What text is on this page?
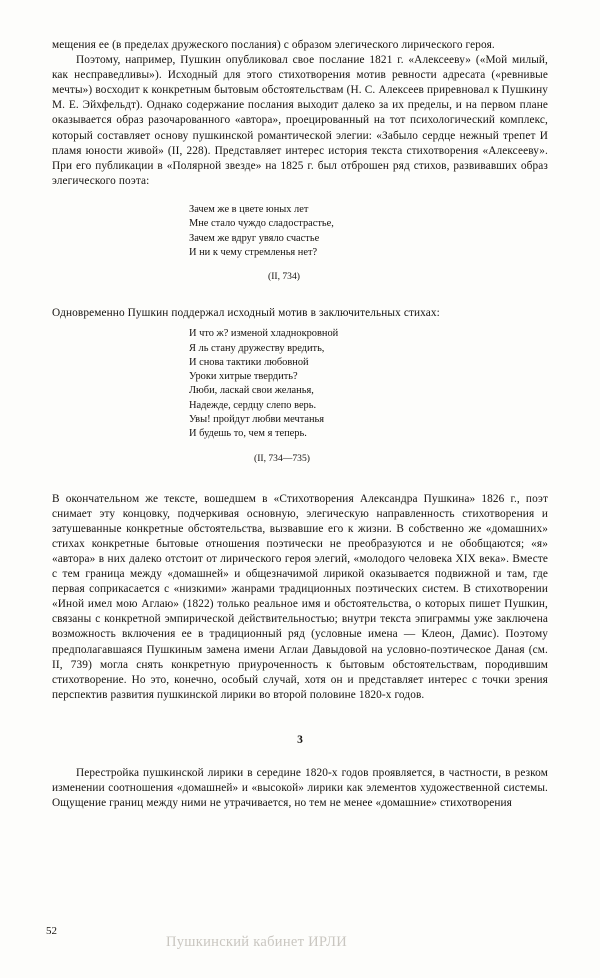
мещения ее (в пределах дружеского послания) с образом элегического лирического героя.

Поэтому, например, Пушкин опубликовал свое послание 1821 г. «Алексееву» («Мой милый, как несправедливы»). Исходный для этого стихотворения мотив ревности адресата («ревнивые мечты») восходит к конкретным бытовым обстоятельствам (Н. С. Алексеев приревновал к Пушкину М. Е. Эйхфельдт). Однако содержание послания выходит далеко за их пределы, и на первом плане оказывается образ разочарованного «автора», проецированный на тот психологический комплекс, который составляет основу пушкинской романтической элегии: «Забыло сердце нежный трепет И пламя юности живой» (II, 228). Представляет интерес история текста стихотворения «Алексееву». При его публикации в «Полярной звезде» на 1825 г. был отброшен ряд стихов, развивавших образ элегического поэта:

Зачем же в цвете юных лет
Мне стало чуждо сладострастье,
Зачем же вдруг увяло счастье
И ни к чему стремленья нет?
(II, 734)

Одновременно Пушкин поддержал исходный мотив в заключительных стихах:

И что ж? изменой хладнокровной
Я ль стану дружеству вредить,
И снова тактики любовной
Уроки хитрые твердить?
Люби, ласкай свои желанья,
Надежде, сердцу слепо верь.
Увы! пройдут любви мечтанья
И будешь то, чем я теперь.
(II, 734—735)

В окончательном же тексте, вошедшем в «Стихотворения Александра Пушкина» 1826 г., поэт снимает эту концовку, подчеркивая основную, элегическую направленность стихотворения и затушеванные конкретные обстоятельства, вызвавшие его к жизни. В собственно же «домашних» стихах конкретные бытовые отношения поэтически не преобразуются и не обобщаются; «я» «автора» в них далеко отстоит от лирического героя элегий, «молодого человека XIX века». Вместе с тем граница между «домашней» и общезначимой лирикой оказывается подвижной и там, где первая соприкасается с «низкими» жанрами традиционных поэтических систем. В стихотворении «Иной имел мою Аглаю» (1822) только реальное имя и обстоятельства, о которых пишет Пушкин, связаны с конкретной эмпирической действительностью; внутри текста эпиграммы уже заключена возможность включения ее в традиционный ряд (условные имена — Клеон, Дамис). Поэтому предполагавшаяся Пушкиным замена имени Аглаи Давыдовой на условно-поэтическое Даная (см. II, 739) могла снять конкретную приуроченность к бытовым обстоятельствам, породившим стихотворение. Но это, конечно, особый случай, хотя он и представляет интерес с точки зрения перспектив развития пушкинской лирики во второй половине 1820-х годов.

3

Перестройка пушкинской лирики в середине 1820-х годов проявляется, в частности, в резком изменении соотношения «домашней» и «высокой» лирики как элементов художественной системы. Ощущение границ между ними не утрачивается, но тем не менее «домашние» стихотворения

52
Пушкинский кабинет ИРЛИ
